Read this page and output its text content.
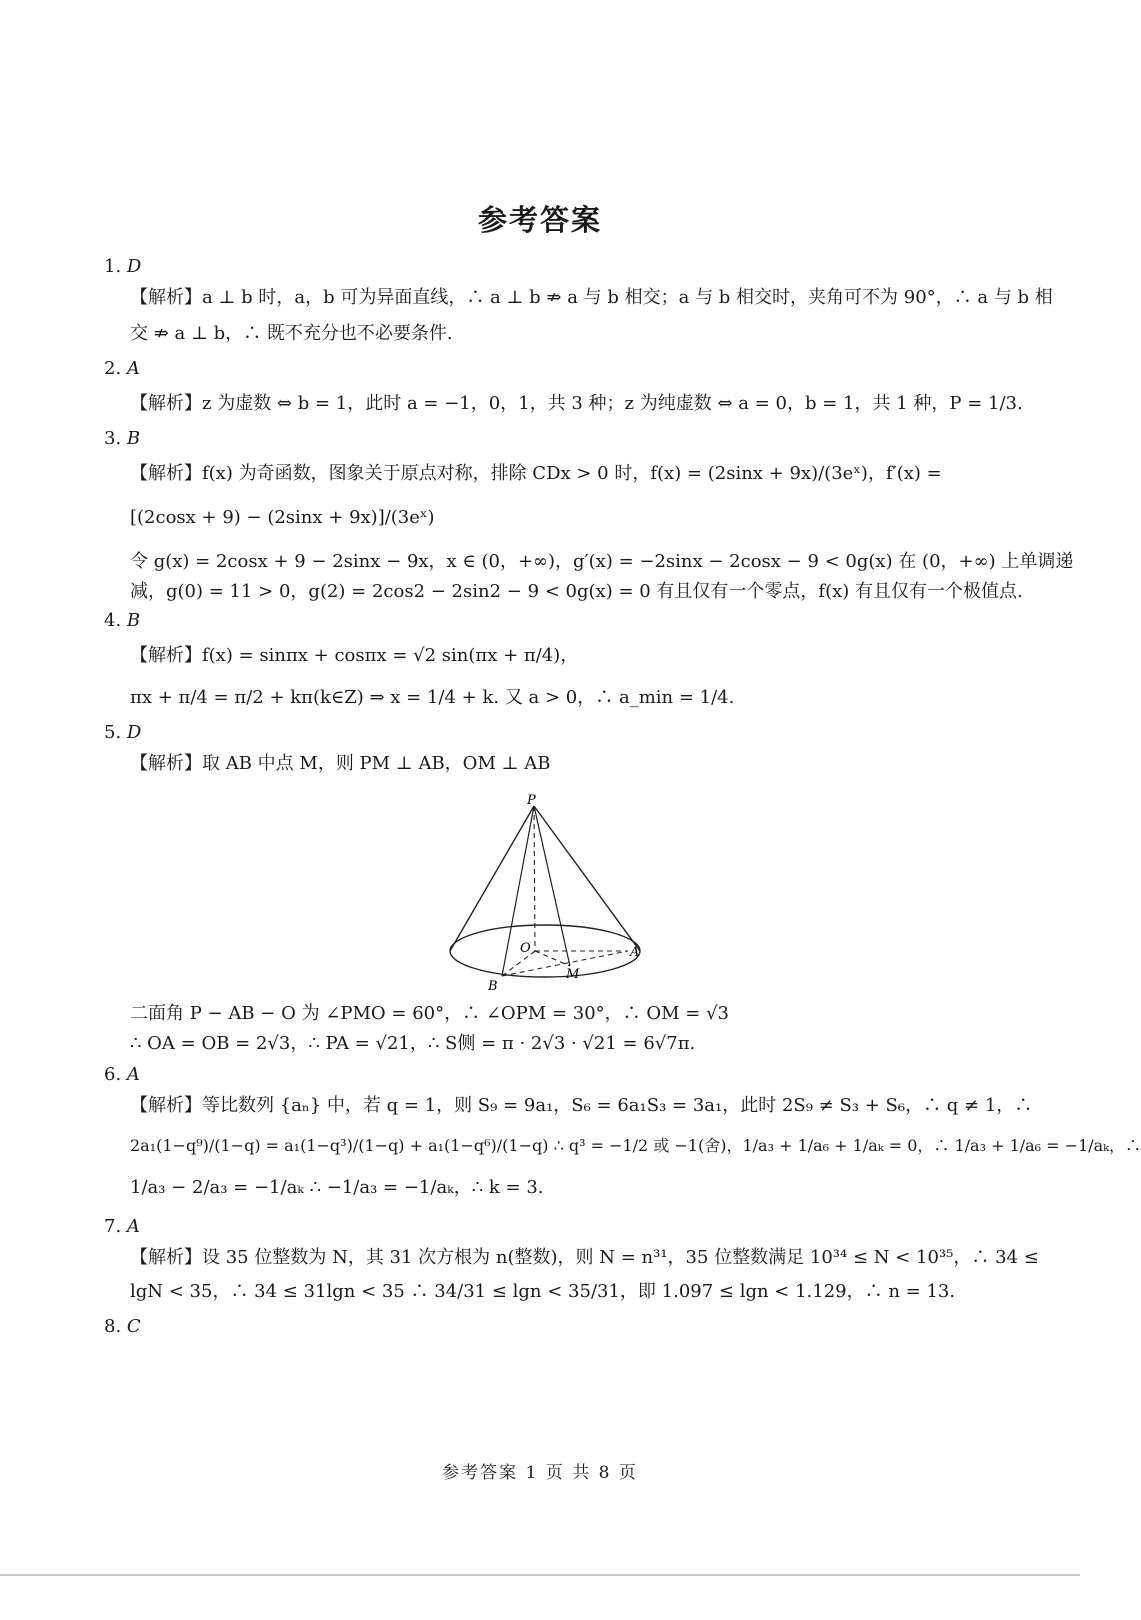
参考答案
1. D
【解析】a ⊥ b 时，a，b 可为异面直线，∴ a ⊥ b ⇏ a 与 b 相交；a 与 b 相交时，夹角可不为 90°，∴ a 与 b 相
交 ⇏ a ⊥ b，∴ 既不充分也不必要条件.
2. A
【解析】z 为虚数 ⇔ b = 1，此时 a = −1，0，1，共 3 种；z 为纯虚数 ⇔ a = 0，b = 1，共 1 种，P = 1/3.
3. B
【解析】f(x) 为奇函数，图象关于原点对称，排除 CDx > 0 时，f(x) = (2sinx + 9x)/(3eˣ)，f′(x) =
[(2cosx + 9) − (2sinx + 9x)]/(3eˣ)
令 g(x) = 2cosx + 9 − 2sinx − 9x，x ∈ (0，+∞)，g′(x) = −2sinx − 2cosx − 9 < 0g(x) 在 (0，+∞) 上单调递
减，g(0) = 11 > 0，g(2) = 2cos2 − 2sin2 − 9 < 0g(x) = 0 有且仅有一个零点，f(x) 有且仅有一个极值点.
4. B
【解析】f(x) = sinπx + cosπx = √2 sin(πx + π/4)，
πx + π/4 = π/2 + kπ(k∈Z) ⇒ x = 1/4 + k. 又 a > 0，∴ a_min = 1/4.
5. D
【解析】取 AB 中点 M，则 PM ⊥ AB，OM ⊥ AB
P
O	A
B
M
二面角 P − AB − O 为 ∠PMO = 60°，∴ ∠OPM = 30°，∴ OM = √3
∴ OA = OB = 2√3，∴ PA = √21，∴ S侧 = π · 2√3 · √21 = 6√7π.
6. A
【解析】等比数列 {aₙ} 中，若 q = 1，则 S₉ = 9a₁，S₆ = 6a₁S₃ = 3a₁，此时 2S₉ ≠ S₃ + S₆，∴ q ≠ 1，∴
2a₁(1−q⁹)/(1−q) = a₁(1−q³)/(1−q) + a₁(1−q⁶)/(1−q) ∴ q³ = −1/2 或 −1(舍)，1/a₃ + 1/a₆ + 1/aₖ = 0，∴ 1/a₃ + 1/a₆ = −1/aₖ，∴
1/a₃ − 2/a₃ = −1/aₖ ∴ −1/a₃ = −1/aₖ，∴ k = 3.
7. A
【解析】设 35 位整数为 N，其 31 次方根为 n(整数)，则 N = n³¹，35 位整数满足 10³⁴ ≤ N < 10³⁵，∴ 34 ≤
lgN < 35，∴ 34 ≤ 31lgn < 35 ∴ 34/31 ≤ lgn < 35/31，即 1.097 ≤ lgn < 1.129，∴ n = 13.
8. C
参考答案 1 页 共 8 页
